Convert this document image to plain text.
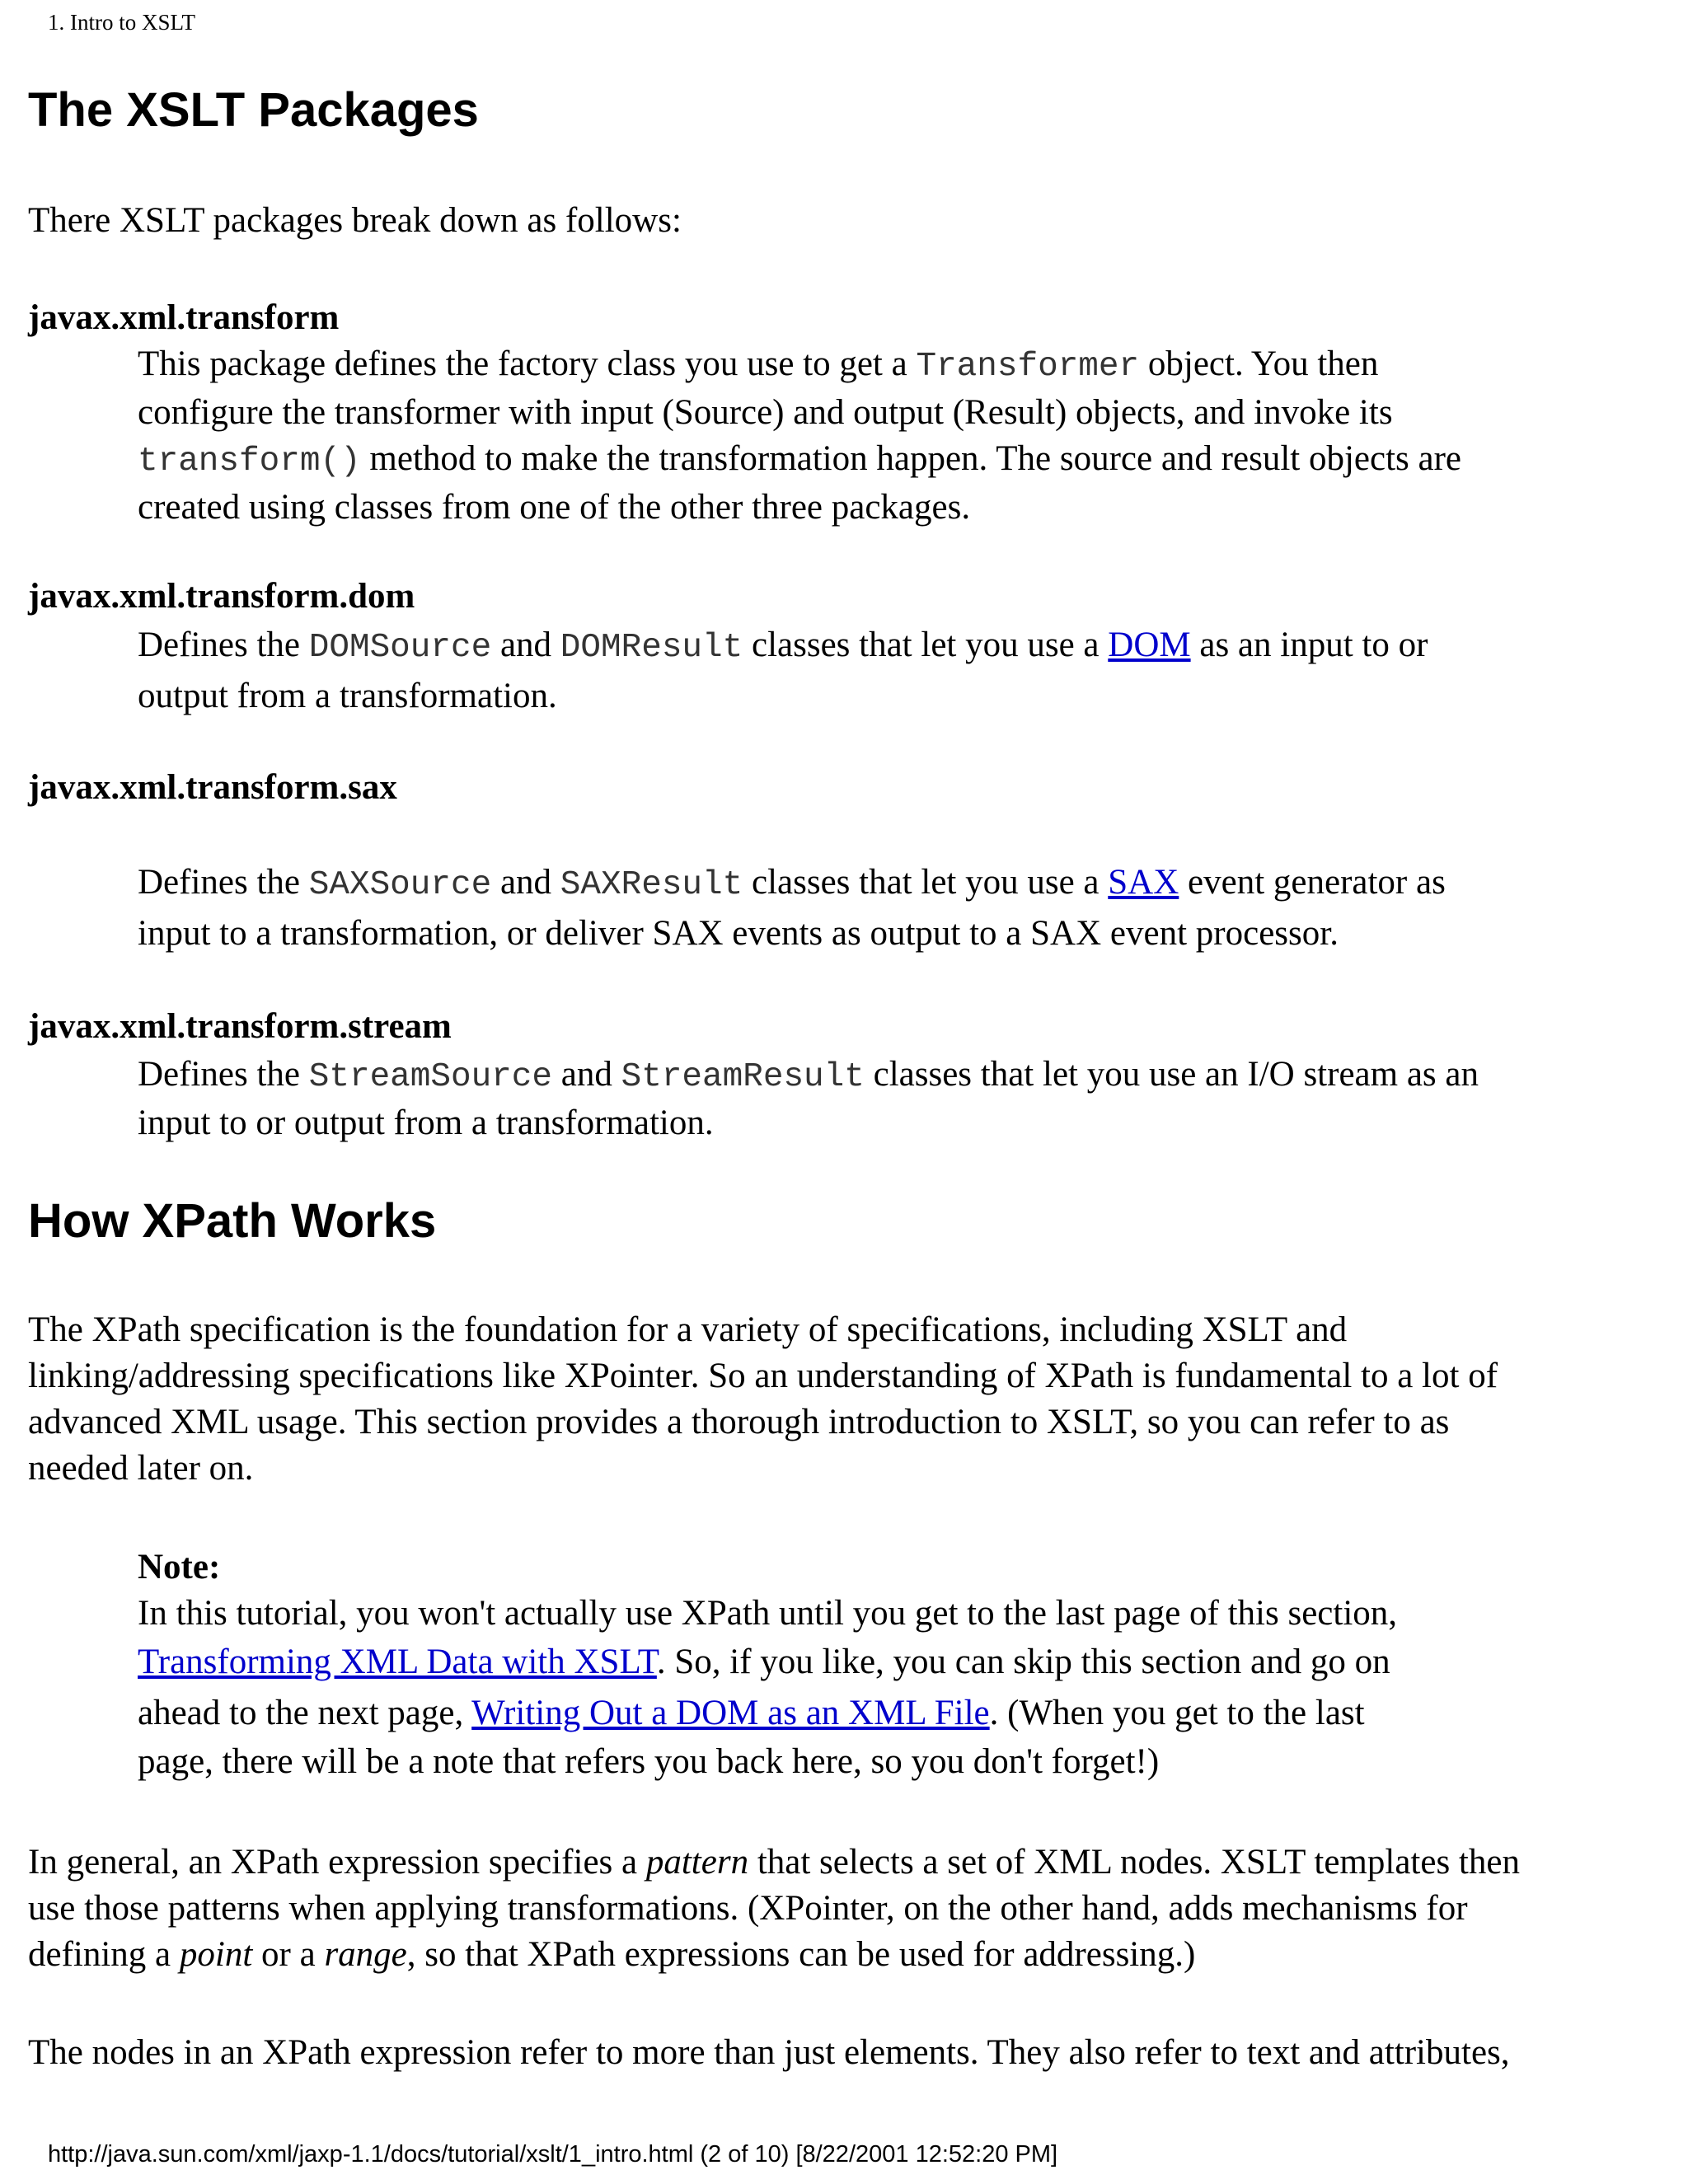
1. Intro to XSLT
The XSLT Packages
There XSLT packages break down as follows:
javax.xml.transform
This package defines the factory class you use to get a Transformer object. You then
configure the transformer with input (Source) and output (Result) objects, and invoke its
transform() method to make the transformation happen. The source and result objects are
created using classes from one of the other three packages.
javax.xml.transform.dom
Defines the DOMSource and DOMResult classes that let you use a DOM as an input to or
output from a transformation.
javax.xml.transform.sax
Defines the SAXSource and SAXResult classes that let you use a SAX event generator as
input to a transformation, or deliver SAX events as output to a SAX event processor.
javax.xml.transform.stream
Defines the StreamSource and StreamResult classes that let you use an I/O stream as an
input to or output from a transformation.
How XPath Works
The XPath specification is the foundation for a variety of specifications, including XSLT and
linking/addressing specifications like XPointer. So an understanding of XPath is fundamental to a lot of
advanced XML usage. This section provides a thorough introduction to XSLT, so you can refer to as
needed later on.
Note:
In this tutorial, you won't actually use XPath until you get to the last page of this section,
Transforming XML Data with XSLT. So, if you like, you can skip this section and go on
ahead to the next page, Writing Out a DOM as an XML File. (When you get to the last
page, there will be a note that refers you back here, so you don't forget!)
In general, an XPath expression specifies a pattern that selects a set of XML nodes. XSLT templates then
use those patterns when applying transformations. (XPointer, on the other hand, adds mechanisms for
defining a point or a range, so that XPath expressions can be used for addressing.)
The nodes in an XPath expression refer to more than just elements. They also refer to text and attributes,
http://java.sun.com/xml/jaxp-1.1/docs/tutorial/xslt/1_intro.html (2 of 10) [8/22/2001 12:52:20 PM]
